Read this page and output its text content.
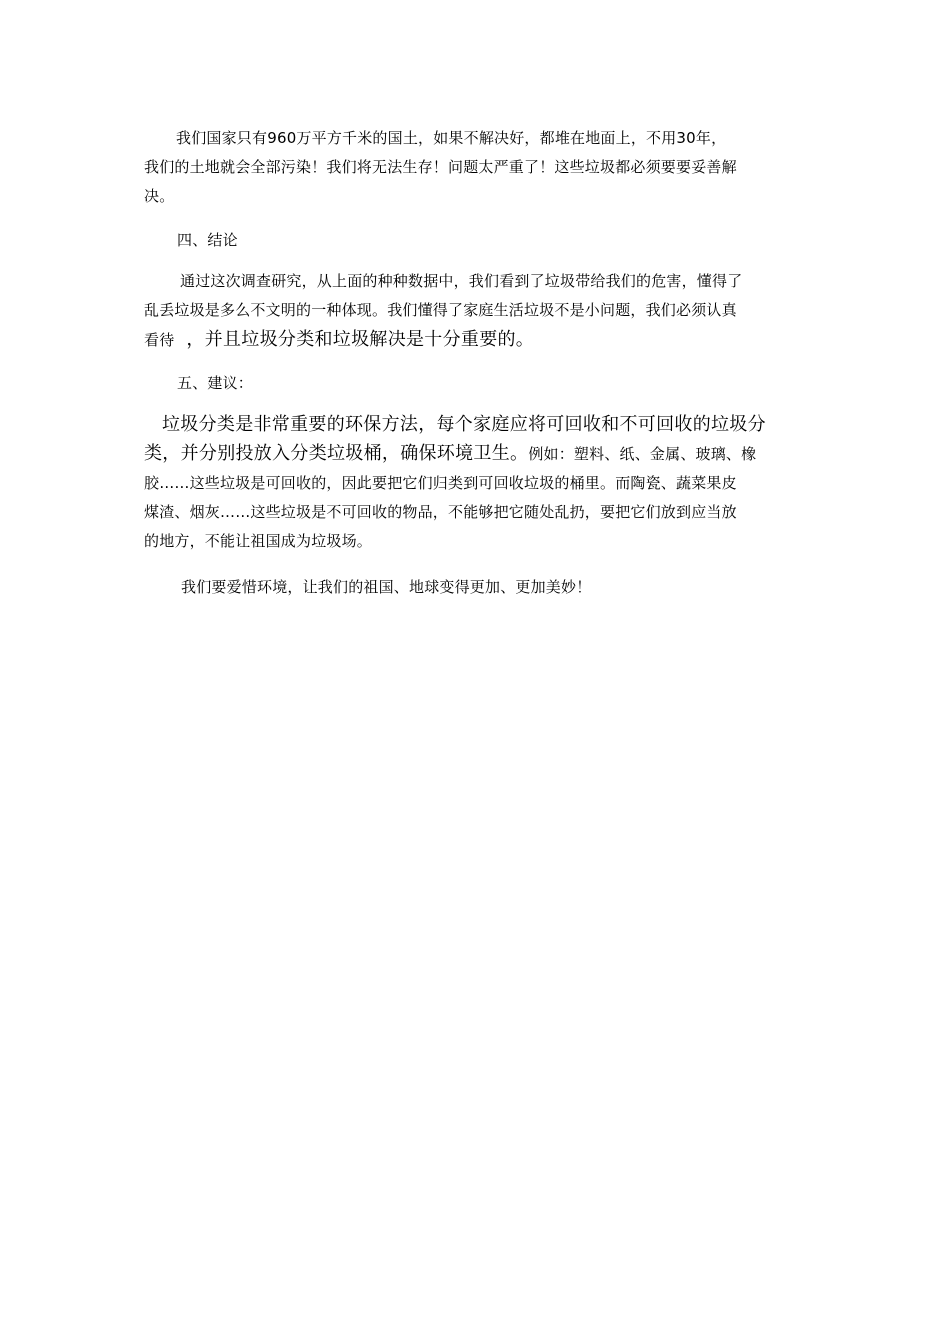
我们国家只有960万平方千米的国土，如果不解决好，都堆在地面上，不用30年，
我们的土地就会全部污染！我们将无法生存！问题太严重了！这些垃圾都必须要要妥善解
决。
四、结论
通过这次调查研究，从上面的种种数据中，我们看到了垃圾带给我们的危害，懂得了
乱丢垃圾是多么不文明的一种体现。我们懂得了家庭生活垃圾不是小问题，我们必须认真
看待 ，并且垃圾分类和垃圾解决是十分重要的。
五、建议：
垃圾分类是非常重要的环保方法，每个家庭应将可回收和不可回收的垃圾分
类，并分别投放入分类垃圾桶，确保环境卫生。例如：塑料、纸、金属、玻璃、橡
胶……这些垃圾是可回收的，因此要把它们归类到可回收垃圾的桶里。而陶瓷、蔬菜果皮
煤渣、烟灰……这些垃圾是不可回收的物品，不能够把它随处乱扔，要把它们放到应当放
的地方，不能让祖国成为垃圾场。
我们要爱惜环境，让我们的祖国、地球变得更加、更加美妙！
